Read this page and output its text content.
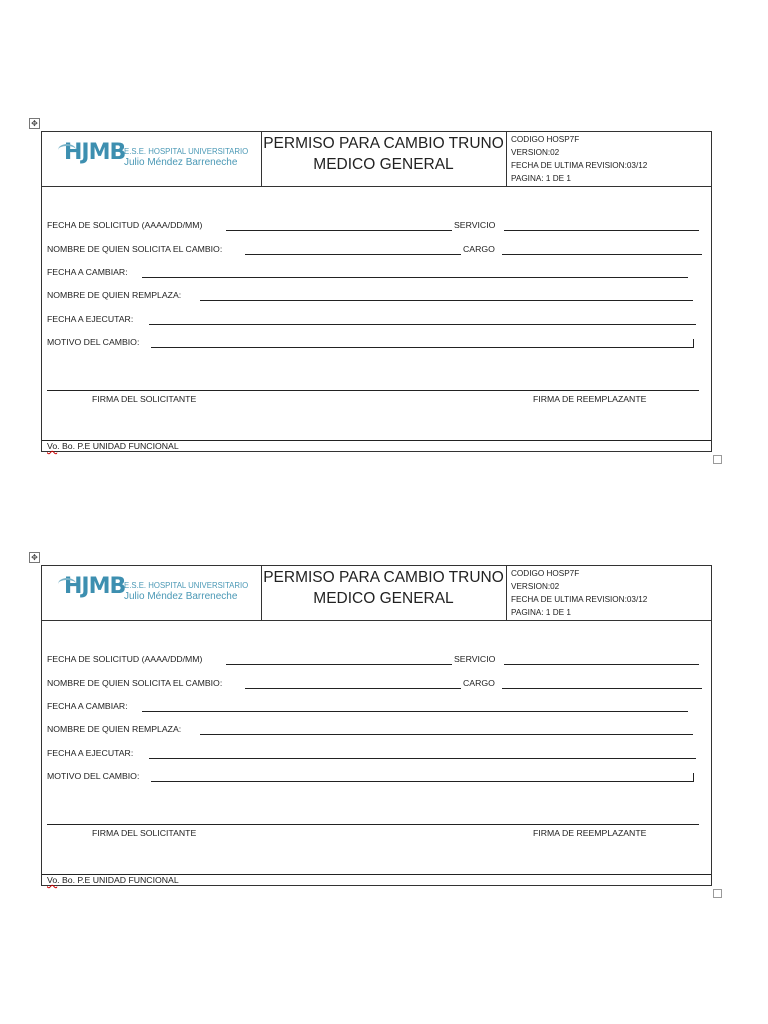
✥
HJMB
E.S.E. HOSPITAL UNIVERSITARIO
Julio Méndez Barreneche
PERMISO PARA CAMBIO TRUNO
MEDICO GENERAL
CODIGO HOSP7F
VERSION:02
FECHA DE ULTIMA REVISION:03/12
PAGINA: 1 DE 1
FECHA DE SOLICITUD (AAAA/DD/MM)	SERVICIO
NOMBRE DE QUIEN SOLICITA EL CAMBIO:	CARGO
FECHA A CAMBIAR:
NOMBRE DE QUIEN REMPLAZA:
FECHA A EJECUTAR:
MOTIVO DEL CAMBIO:
FIRMA DEL SOLICITANTE	FIRMA DE REEMPLAZANTE
Vo. Bo. P.E UNIDAD FUNCIONAL
✥
HJMB
E.S.E. HOSPITAL UNIVERSITARIO
Julio Méndez Barreneche
PERMISO PARA CAMBIO TRUNO
MEDICO GENERAL
CODIGO HOSP7F
VERSION:02
FECHA DE ULTIMA REVISION:03/12
PAGINA: 1 DE 1
FECHA DE SOLICITUD (AAAA/DD/MM)	SERVICIO
NOMBRE DE QUIEN SOLICITA EL CAMBIO:	CARGO
FECHA A CAMBIAR:
NOMBRE DE QUIEN REMPLAZA:
FECHA A EJECUTAR:
MOTIVO DEL CAMBIO:
FIRMA DEL SOLICITANTE	FIRMA DE REEMPLAZANTE
Vo. Bo. P.E UNIDAD FUNCIONAL
